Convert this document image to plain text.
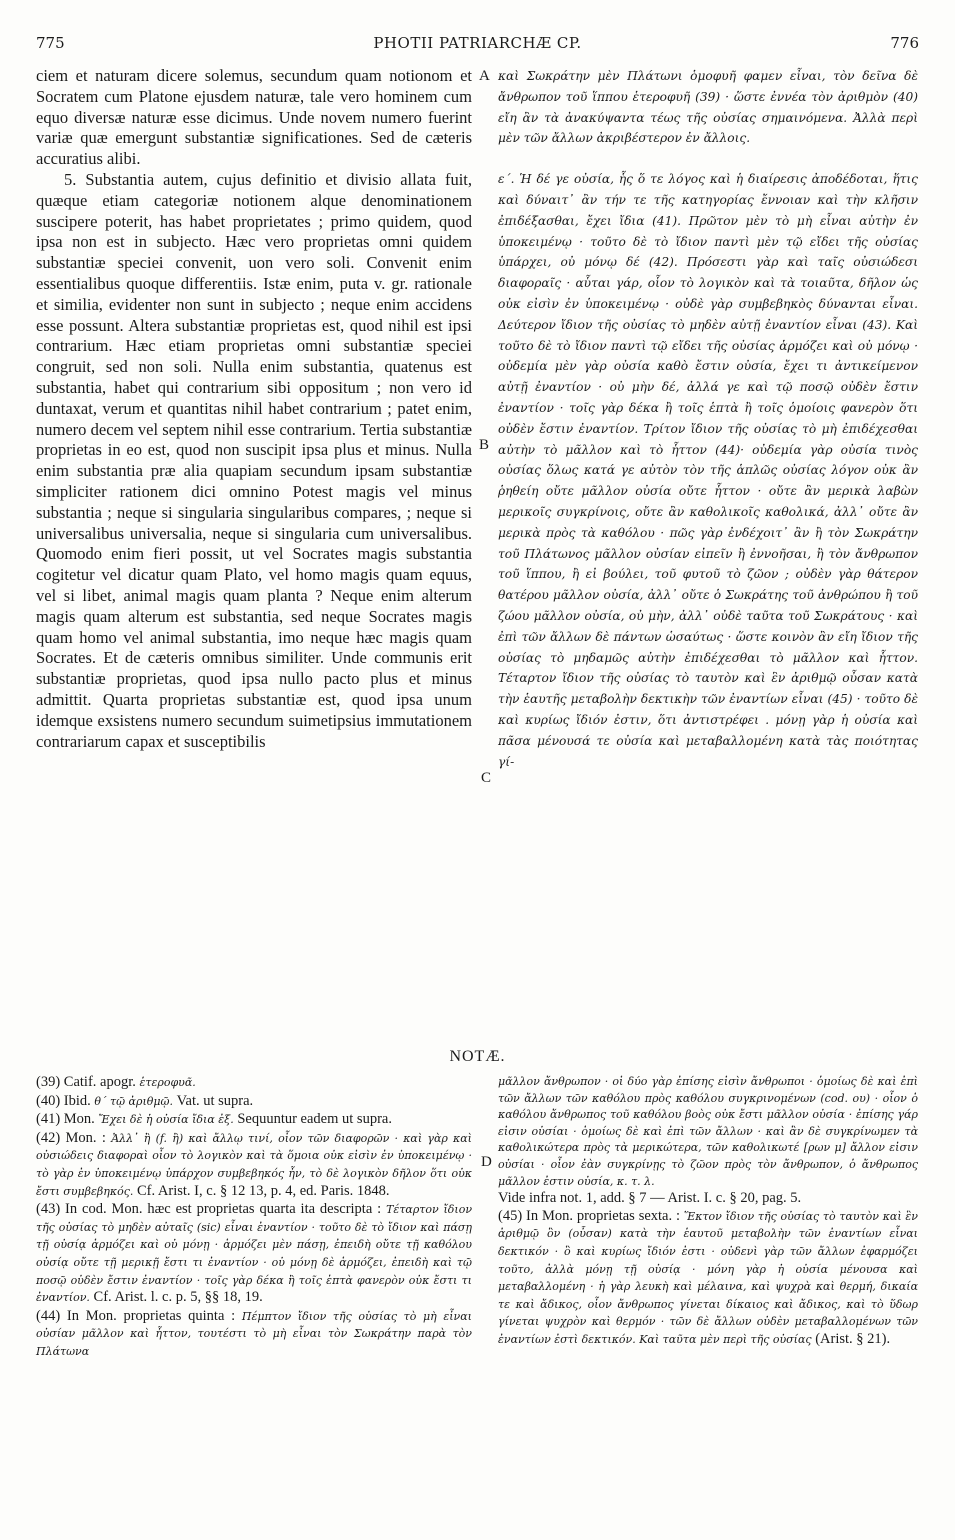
775	PHOTII PATRIARCHÆ CP.	776

ciem et naturam dicere solemus, secundum quam notionom et Socratem cum Platone ejusdem naturæ, tale vero hominem cum equo diversæ naturæ esse dicimus. Unde novem numero fuerint variæ quæ emergunt substantiæ significationes. Sed de cæteris accuratius alibi.

5. Substantia autem, cujus definitio et divisio allata fuit, quæque etiam categoriæ notionem alque denominationem suscipere poterit, has habet proprietates ; primo quidem, quod ipsa non est in subjecto. Hæc vero proprietas omni quidem substantiæ speciei convenit, uon vero soli. Convenit enim essentialibus quoque differentiis. Istæ enim, puta v. gr. rationale et similia, evidenter non sunt in subjecto ; neque enim accidens esse possunt. Altera substantiæ proprietas est, quod nihil est ipsi contrarium. Hæc etiam proprietas omni substantiæ speciei congruit, sed non soli. Nulla enim substantia, quatenus est substantia, habet qui contrarium sibi oppositum ; non vero id duntaxat, verum et quantitas nihil habet contrarium ; patet enim, numero decem vel septem nihil esse contrarium. Tertia substantiæ proprietas in eo est, quod non suscipit ipsa plus et minus. Nulla enim substantia præ alia quapiam secundum ipsam substantiæ simpliciter rationem dici omnino Potest magis vel minus substantia ; neque si singularia singularibus compares, ; neque si universalibus universalia, neque si singularia cum universalibus. Quomodo enim fieri possit, ut vel Socrates magis substantia cogitetur vel dicatur quam Plato, vel homo magis quam equus, vel si libet, animal magis quam planta ? Neque enim alterum magis quam alterum est substantia, sed neque Socrates magis quam homo vel animal substantia, imo neque hæc magis quam Socrates. Et de cæteris omnibus similiter. Unde communis erit substantiæ proprietas, quod ipsa nullo pacto plus et minus admittit. Quarta proprietas substantiæ est, quod ipsa unum idemque exsistens numero secundum suimetipsius immutationem contrariarum capax et susceptibilis

A
B
C
D

καὶ Σωκράτην μὲν Πλάτωνι ὁμοφυῆ φαμεν εἶναι, τὸν δεῖνα δὲ ἄνθρωπον τοῦ ἵππου ἑτεροφυῆ (39) · ὥστε ἐννέα τὸν ἀριθμὸν (40) εἴη ἂν τὰ ἀνακύψαντα τέως τῆς οὐσίας σημαινόμενα. Ἀλλὰ περὶ μὲν τῶν ἄλλων ἀκριβέστερον ἐν ἄλλοις.

ε΄. Ἡ δέ γε οὐσία, ἧς ὅ τε λόγος καὶ ἡ διαίρεσις ἀποδέδοται, ἥτις καὶ δύναιτ᾽ ἂν τήν τε τῆς κατηγορίας ἔννοιαν καὶ τὴν κλῆσιν ἐπιδέξασθαι, ἔχει ἴδια (41). Πρῶτον μὲν τὸ μὴ εἶναι αὐτὴν ἐν ὑποκειμένῳ · τοῦτο δὲ τὸ ἴδιον παντὶ μὲν τῷ εἴδει τῆς οὐσίας ὑπάρχει, οὐ μόνῳ δέ (42). Πρόσεστι γὰρ καὶ ταῖς οὐσιώδεσι διαφοραῖς · αὗται γάρ, οἷον τὸ λογικὸν καὶ τὰ τοιαῦτα, δῆλον ὡς οὐκ εἰσὶν ἐν ὑποκειμένῳ · οὐδὲ γὰρ συμβεβηκὸς δύνανται εἶναι. Δεύτερον ἴδιον τῆς οὐσίας τὸ μηδὲν αὐτῇ ἐναντίον εἶναι (43). Καὶ τοῦτο δὲ τὸ ἴδιον παντὶ τῷ εἴδει τῆς οὐσίας ἁρμόζει καὶ οὐ μόνῳ · οὐδεμία μὲν γὰρ οὐσία καθὸ ἔστιν οὐσία, ἔχει τι ἀντικείμενον αὐτῇ ἐναντίον · οὐ μὴν δέ, ἀλλά γε καὶ τῷ ποσῷ οὐδὲν ἔστιν ἐναντίον · τοῖς γὰρ δέκα ἢ τοῖς ἑπτὰ ἢ τοῖς ὁμοίοις φανερὸν ὅτι οὐδὲν ἔστιν ἐναντίον. Τρίτον ἴδιον τῆς οὐσίας τὸ μὴ ἐπιδέχεσθαι αὐτὴν τὸ μᾶλλον καὶ τὸ ἧττον (44)· οὐδεμία γὰρ οὐσία τινὸς οὐσίας ὅλως κατά γε αὐτὸν τὸν τῆς ἁπλῶς οὐσίας λόγον οὐκ ἂν ῥηθείη οὔτε μᾶλλον οὐσία οὔτε ἧττον · οὔτε ἂν μερικὰ λαβὼν μερικοῖς συγκρίνοις, οὔτε ἂν καθολικοῖς καθολικά, ἀλλ᾽ οὔτε ἂν μερικὰ πρὸς τὰ καθόλου · πῶς γὰρ ἐνδέχοιτ᾽ ἂν ἢ τὸν Σωκράτην τοῦ Πλάτωνος μᾶλλον οὐσίαν εἰπεῖν ἢ ἐννοῆσαι, ἢ τὸν ἄνθρωπον τοῦ ἵππου, ἢ εἰ βούλει, τοῦ φυτοῦ τὸ ζῶον ; οὐδὲν γὰρ θάτερον θατέρου μᾶλλον οὐσία, ἀλλ᾽ οὔτε ὁ Σωκράτης τοῦ ἀνθρώπου ἢ τοῦ ζώου μᾶλλον οὐσία, οὐ μὴν, ἀλλ᾽ οὐδὲ ταῦτα τοῦ Σωκράτους · καὶ ἐπὶ τῶν ἄλλων δὲ πάντων ὡσαύτως · ὥστε κοινὸν ἂν εἴη ἴδιον τῆς οὐσίας τὸ μηδαμῶς αὐτὴν ἐπιδέχεσθαι τὸ μᾶλλον καὶ ἧττον. Τέταρτον ἴδιον τῆς οὐσίας τὸ ταυτὸν καὶ ἓν ἀριθμῷ οὖσαν κατὰ τὴν ἑαυτῆς μεταβολὴν δεκτικὴν τῶν ἐναντίων εἶναι (45) · τοῦτο δὲ καὶ κυρίως ἴδιόν ἐστιν, ὅτι ἀντιστρέφει . μόνῃ γὰρ ἡ οὐσία καὶ πᾶσα μένουσά τε οὐσία καὶ μεταβαλλομένη κατὰ τὰς ποιότητας γί-

NOTÆ.

(39) Catif. apogr. ἑτεροφυᾶ.

(40) Ibid. θ΄ τῷ ἀριθμῷ. Vat. ut supra.

(41) Mon. Ἔχει δὲ ἡ οὐσία ἴδια ἐξ. Sequuntur eadem ut supra.

(42) Mon. : Ἀλλ᾽ ἢ (f. ἢ) καὶ ἄλλῳ τινί, οἷον τῶν διαφορῶν · καὶ γὰρ καὶ οὐσιώδεις διαφοραὶ οἷον τὸ λογικὸν καὶ τὰ ὅμοια οὐκ εἰσὶν ἐν ὑποκειμένῳ · τὸ γὰρ ἐν ὑποκειμένῳ ὑπάρχον συμβεβηκός ἦν, τὸ δὲ λογικὸν δῆλον ὅτι οὐκ ἔστι συμβεβηκός. Cf. Arist. I, c. § 12 13, p. 4, ed. Paris. 1848.

(43) In cod. Mon. hæc est proprietas quarta ita descripta : Τέταρτον ἴδιον τῆς οὐσίας τὸ μηδὲν αὐταῖς (sic) εἶναι ἐναντίον · τοῦτο δὲ τὸ ἴδιον καὶ πάσῃ τῇ οὐσίᾳ ἁρμόζει καὶ οὐ μόνῃ · ἁρμόζει μὲν πάσῃ, ἐπειδὴ οὔτε τῇ καθόλου οὐσίᾳ οὔτε τῇ μερικῇ ἔστι τι ἐναντίον · οὐ μόνῃ δὲ ἁρμόζει, ἐπειδὴ καὶ τῷ ποσῷ οὐδὲν ἔστιν ἐναντίον · τοῖς γὰρ δέκα ἢ τοῖς ἑπτὰ φανερὸν οὐκ ἔστι τι ἐναντίον. Cf. Arist. l. c. p. 5, §§ 18, 19.

(44) In Mon. proprietas quinta : Πέμπτον ἴδιον τῆς οὐσίας τὸ μὴ εἶναι οὐσίαν μᾶλλον καὶ ἧττον, τουτέστι τὸ μὴ εἶναι τὸν Σωκράτην παρὰ τὸν Πλάτωνα

μᾶλλον ἄνθρωπον · οἱ δύο γὰρ ἐπίσης εἰσὶν ἄνθρωποι · ὁμοίως δὲ καὶ ἐπὶ τῶν ἄλλων τῶν καθόλου πρὸς καθόλου συγκρινομένων (cod. ου) · οἷον ὁ καθόλου ἄνθρωπος τοῦ καθόλου βοὸς οὐκ ἔστι μᾶλλον οὐσία · ἐπίσης γάρ εἰσιν οὐσίαι · ὁμοίως δὲ καὶ ἐπὶ τῶν ἄλλων · καὶ ἂν δὲ συγκρίνωμεν τὰ καθολικώτερα πρὸς τὰ μερικώτερα, τῶν καθολικωτέ [ρων μ] ἄλλον εἰσιν οὐσίαι · οἷον ἐὰν συγκρίνῃς τὸ ζῶον πρὸς τὸν ἄνθρωπον, ὁ ἄνθρωπος μᾶλλον ἐστιν οὐσία, κ. τ. λ.

Vide infra not. 1, add. § 7 — Arist. I. c. § 20, pag. 5.

(45) In Mon. proprietas sexta. : Ἕκτον ἴδιον τῆς οὐσίας τὸ ταυτὸν καὶ ἓν ἀριθμῷ ὂν (οὖσαν) κατὰ τὴν ἑαυτοῦ μεταβολὴν τῶν ἐναντίων εἶναι δεκτικόν · ὃ καὶ κυρίως ἴδιόν ἐστι · οὐδενὶ γὰρ τῶν ἄλλων ἐφαρμόζει τοῦτο, ἀλλὰ μόνῃ τῇ οὐσίᾳ · μόνη γὰρ ἡ οὐσία μένουσα καὶ μεταβαλλομένη · ἡ γὰρ λευκὴ καὶ μέλαινα, καὶ ψυχρὰ καὶ θερμή, δικαία τε καὶ ἄδικος, οἷον ἄνθρωπος γίνεται δίκαιος καὶ ἄδικος, καὶ τὸ ὕδωρ γίνεται ψυχρὸν καὶ θερμόν · τῶν δὲ ἄλλων οὐδὲν μεταβαλλομένων τῶν ἐναντίων ἐστὶ δεκτικόν. Καὶ ταῦτα μὲν περὶ τῆς οὐσίας (Arist. § 21).
